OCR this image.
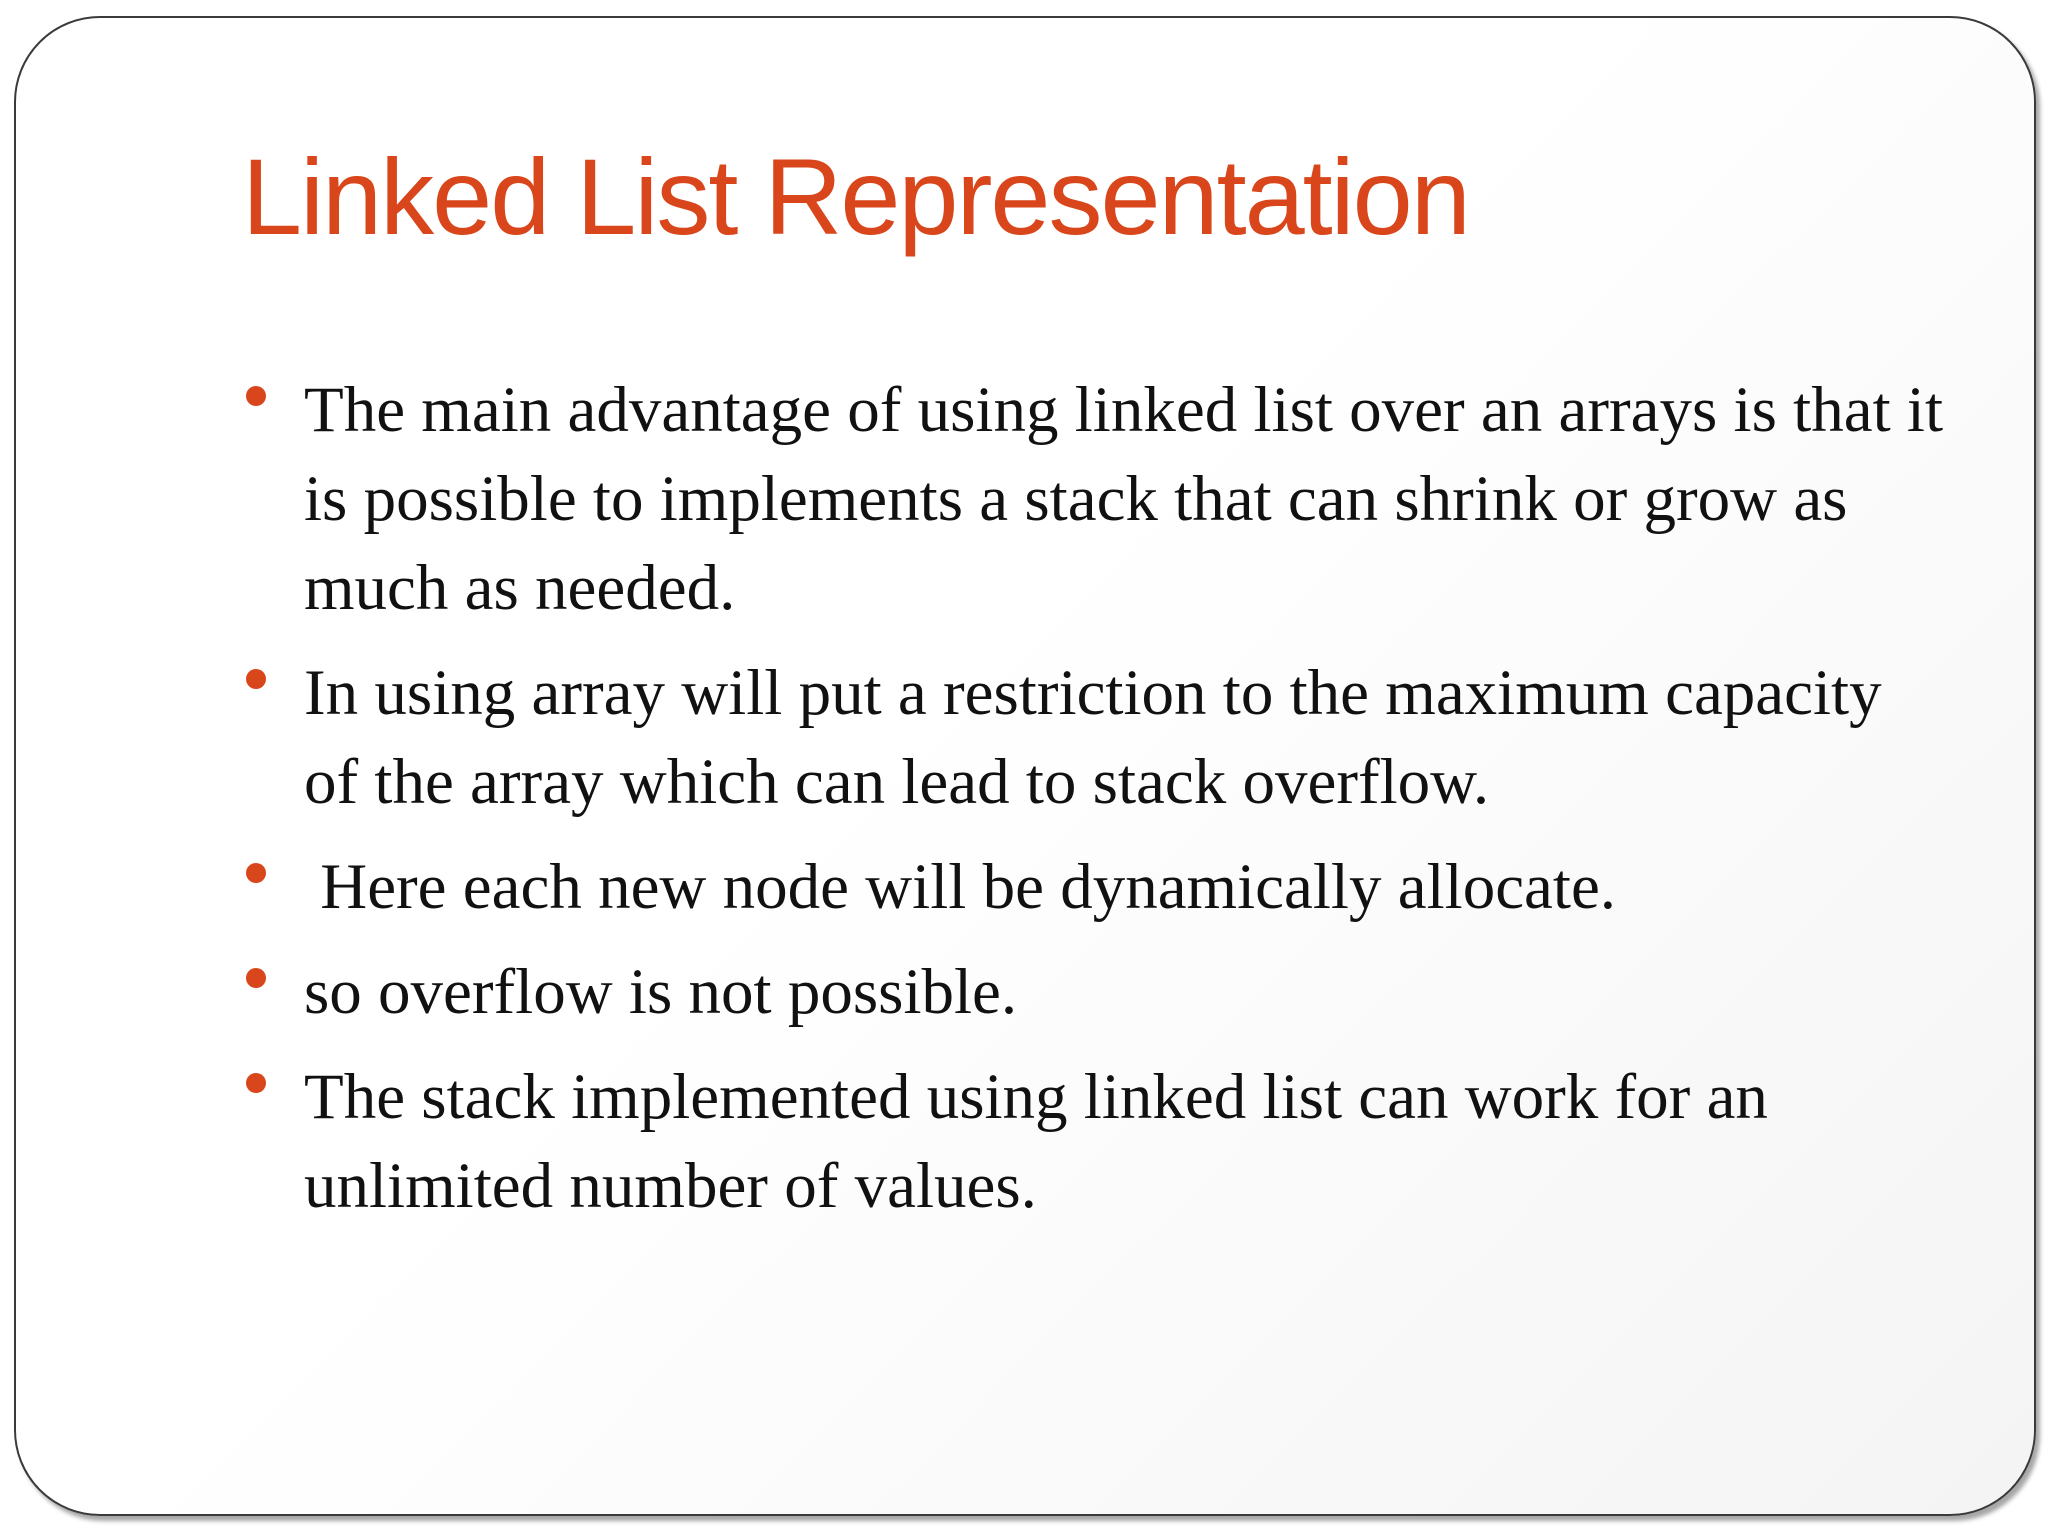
Linked List Representation
The main advantage of using linked list over an arrays is that it is possible to implements a stack that can shrink or grow as much as needed.
In using array will put a restriction to the maximum capacity of the array which can lead to stack overflow.
Here each new node will be dynamically allocate.
so overflow is not possible.
The stack implemented using linked list can work for an unlimited number of values.
